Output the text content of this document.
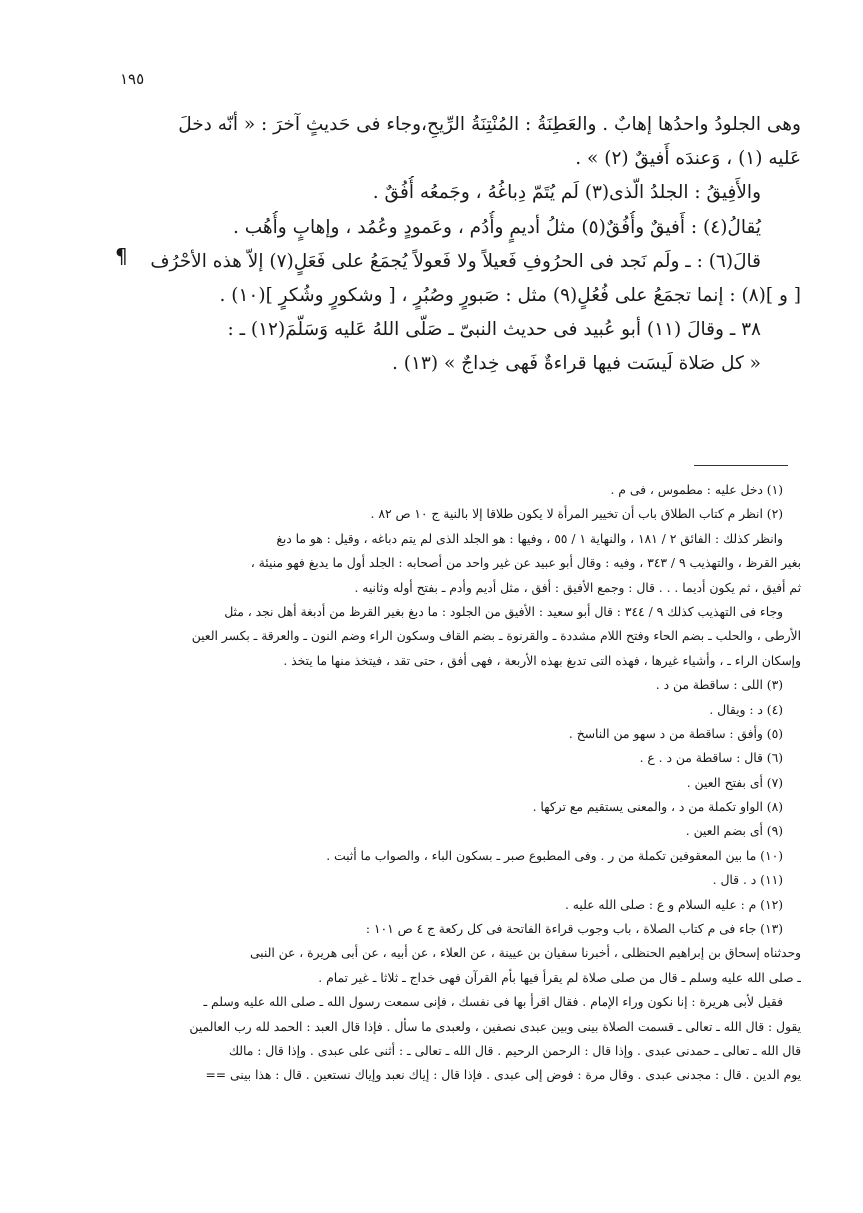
١٩٥
¶
وهى الجلودُ واحدُها إهابٌ . والعَطِنَةُ : المُنْتِنَةُ الرِّيحِ،وجاء فى حَديثٍ آخرَ : « أنّه دخلَ
عَليه (١) ، وَعندَه أَفيقٌ (٢) » .
والأَفِيقُ : الجلدُ الّذى(٣) لَم يُتَمّ دِباغُهُ ، وجَمعُه أُفُقٌ .
يُقالُ(٤) : أَفيقٌ وأُفُقٌ(٥) مثلُ أديمٍ وأُدُم ، وعَمودٍ وعُمُد ، وإهابٍ وأُهُب .
قالَ(٦) : ـ ولَم نَجد فى الحرُوفِ فَعيلاً ولا فَعولاً يُجمَعُ على فَعَلٍ(٧) إلاّ هذه الأحْرُف
[ و ](٨) : إنما تجمَعُ على فُعُلٍ(٩) مثل : صَبورٍ وصُبُرٍ ، [ وشكورٍ وشُكرٍ ](١٠) .
٣٨ ـ وقالَ (١١) أبو عُبيد فى حديث النبىّ ـ صَلّى اللهُ عَليه وَسَلّمَ(١٢) ـ :
« كل صَلاة لَيسَت فيها قراءةٌ فَهى خِداجٌ » (١٣) .
(١) دخل عليه : مطموس ، فى م .
(٢) انظر م كتاب الطلاق باب أن تخيير المرأة لا يكون طلاقا إلا بالنية ج ١٠ ص ٨٢ .
وانظر كذلك : الفائق ٢ / ١٨١ ، والنهاية ١ / ٥٥ ، وفيها : هو الجلد الذى لم يتم دباغه ، وقيل : هو ما دبغ
بغير القرظ ، والتهذيب ٩ / ٣٤٣ ، وفيه : وقال أبو عبيد عن غير واحد من أصحابه : الجلد أول ما يدبغ فهو منيئة ،
ثم أفيق ، ثم يكون أديما . . . قال : وجمع الأفيق : أفق ، مثل أديم وأدم ـ بفتح أوله وثانيه .
وجاء فى التهذيب كذلك ٩ / ٣٤٤ : قال أبو سعيد : الأفيق من الجلود : ما دبغ بغير القرظ من أدبغة أهل نجد ، مثل
الأرطى ، والحلب ـ بضم الحاء وفتح اللام مشددة ـ والقرنوة ـ بضم القاف وسكون الراء وضم النون ـ والعرقة ـ بكسر العين
وإسكان الراء ـ ، وأشياء غيرها ، فهذه التى تدبغ بهذه الأربعة ، فهى أفق ، حتى تقد ، فيتخذ منها ما يتخذ .
(٣) اللى : ساقطة من د .
(٤) د : ويقال .
(٥) وأفق : ساقطة من د سهو من الناسخ .
(٦) قال : ساقطة من د . ع .
(٧) أى بفتح العين .
(٨) الواو تكملة من د ، والمعنى يستقيم مع تركها .
(٩) أى بضم العين .
(١٠) ما بين المعقوفين تكملة من ر . وفى المطبوع صبر ـ بسكون الباء ، والصواب ما أثبت .
(١١) د . قال .
(١٢) م : عليه السلام و ع : صلى الله عليه .
(١٣) جاء فى م كتاب الصلاة ، باب وجوب قراءة الفاتحة فى كل ركعة ج ٤ ص ١٠١ :
وحدثناه إسحاق بن إبراهيم الحنظلى ، أخبرنا سفيان بن عيينة ، عن العلاء ، عن أبيه ، عن أبى هريرة ، عن النبى
ـ صلى الله عليه وسلم ـ قال من صلى صلاة لم يقرأ فيها بأم القرآن فهى خداج ـ ثلاثا ـ غير تمام .
فقيل لأبى هريرة : إنا نكون وراء الإمام . فقال اقرأ بها فى نفسك ، فإنى سمعت رسول الله ـ صلى الله عليه وسلم ـ
يقول : قال الله ـ تعالى ـ قسمت الصلاة بينى وبين عبدى نصفين ، ولعبدى ما سأل . فإذا قال العبد : الحمد لله رب العالمين
قال الله ـ تعالى ـ حمدنى عبدى . وإذا قال : الرحمن الرحيم . قال الله ـ تعالى ـ : أثنى على عبدى . وإذا قال : مالك
يوم الدين . قال : مجدنى عبدى . وقال مرة : فوض إلى عبدى . فإذا قال : إياك نعبد وإياك نستعين . قال : هذا بينى ==
